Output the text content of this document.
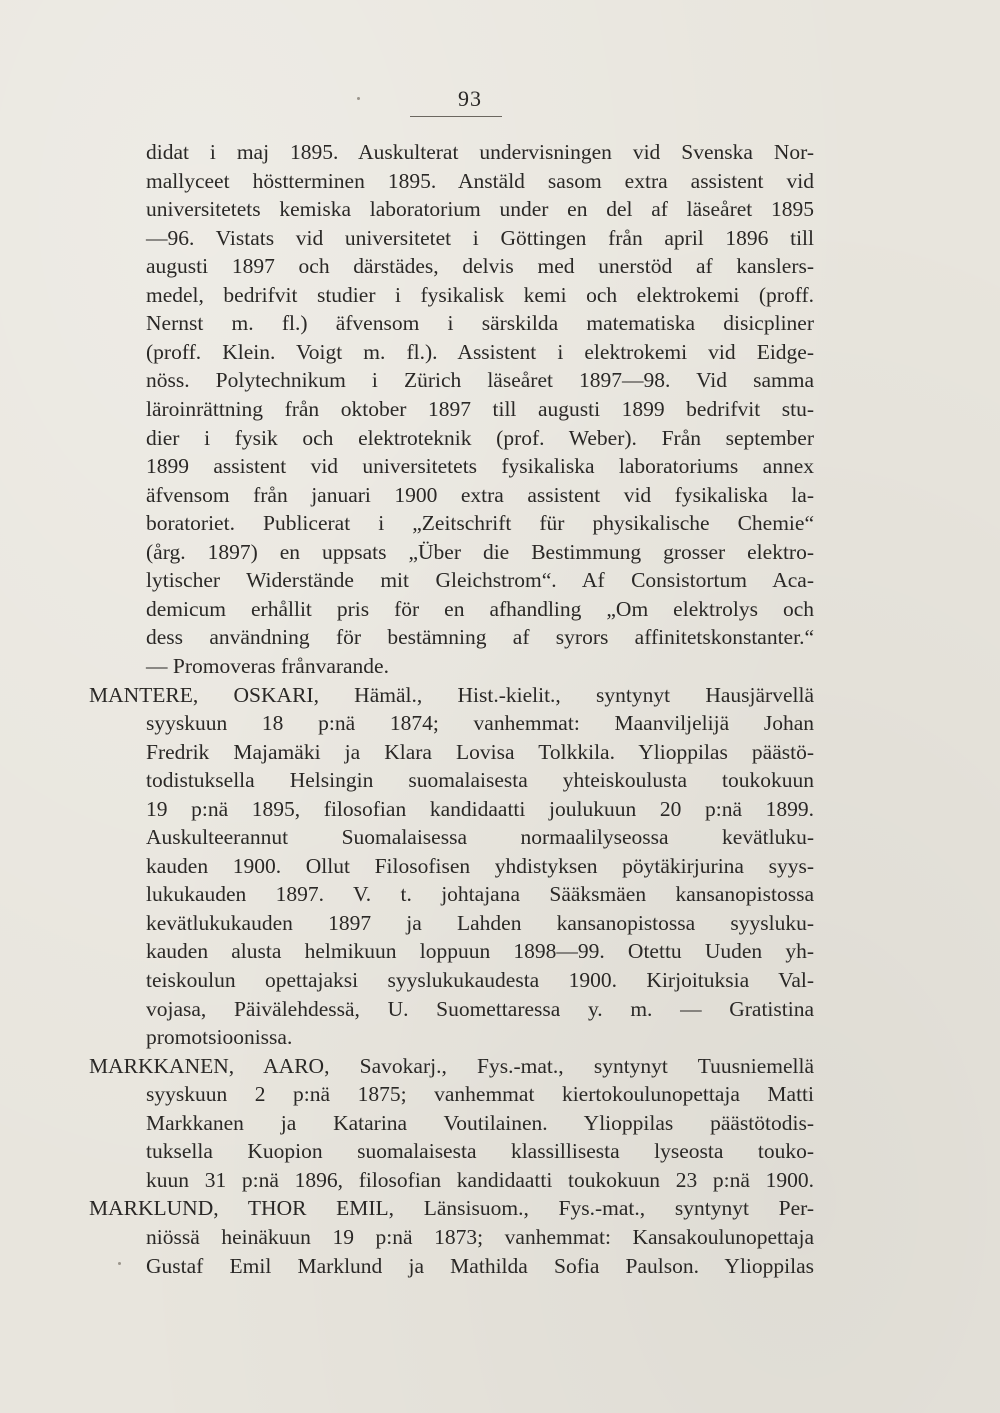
93
didat i maj 1895. Auskulterat undervisningen vid Svenska Nor-
mallyceet höstterminen 1895. Anstäld sasom extra assistent vid
universitetets kemiska laboratorium under en del af läseåret 1895
—96. Vistats vid universitetet i Göttingen från april 1896 till
augusti 1897 och därstädes, delvis med unerstöd af kanslers-
medel, bedrifvit studier i fysikalisk kemi och elektrokemi (proff.
Nernst m. fl.) äfvensom i särskilda matematiska disicpliner
(proff. Klein. Voigt m. fl.). Assistent i elektrokemi vid Eidge-
nöss. Polytechnikum i Zürich läseåret 1897—98. Vid samma
läroinrättning från oktober 1897 till augusti 1899 bedrifvit stu-
dier i fysik och elektroteknik (prof. Weber). Från september
1899 assistent vid universitetets fysikaliska laboratoriums annex
äfvensom från januari 1900 extra assistent vid fysikaliska la-
boratoriet. Publicerat i „Zeitschrift für physikalische Chemie“
(årg. 1897) en uppsats „Über die Bestimmung grosser elektro-
lytischer Widerstände mit Gleichstrom“. Af Consistortum Aca-
demicum erhållit pris för en afhandling „Om elektrolys och
dess användning för bestämning af syrors affinitetskonstanter.“
— Promoveras frånvarande.
MANTERE, OSKARI, Hämäl., Hist.-kielit., syntynyt Hausjärvellä
syyskuun 18 p:nä 1874; vanhemmat: Maanviljelijä Johan
Fredrik Majamäki ja Klara Lovisa Tolkkila. Ylioppilas päästö-
todistuksella Helsingin suomalaisesta yhteiskoulusta toukokuun
19 p:nä 1895, filosofian kandidaatti joulukuun 20 p:nä 1899.
Auskulteerannut Suomalaisessa normaalilyseossa kevätluku-
kauden 1900. Ollut Filosofisen yhdistyksen pöytäkirjurina syys-
lukukauden 1897. V. t. johtajana Sääksmäen kansanopistossa
kevätlukukauden 1897 ja Lahden kansanopistossa syysluku-
kauden alusta helmikuun loppuun 1898—99. Otettu Uuden yh-
teiskoulun opettajaksi syyslukukaudesta 1900. Kirjoituksia Val-
vojasa, Päivälehdessä, U. Suomettaressa y. m. — Gratistina
promotsioonissa.
MARKKANEN, AARO, Savokarj., Fys.-mat., syntynyt Tuusniemellä
syyskuun 2 p:nä 1875; vanhemmat kiertokoulunopettaja Matti
Markkanen ja Katarina Voutilainen. Ylioppilas päästötodis-
tuksella Kuopion suomalaisesta klassillisesta lyseosta touko-
kuun 31 p:nä 1896, filosofian kandidaatti toukokuun 23 p:nä 1900.
MARKLUND, THOR EMIL, Länsisuom., Fys.-mat., syntynyt Per-
niössä heinäkuun 19 p:nä 1873; vanhemmat: Kansakoulunopettaja
Gustaf Emil Marklund ja Mathilda Sofia Paulson. Ylioppilas
